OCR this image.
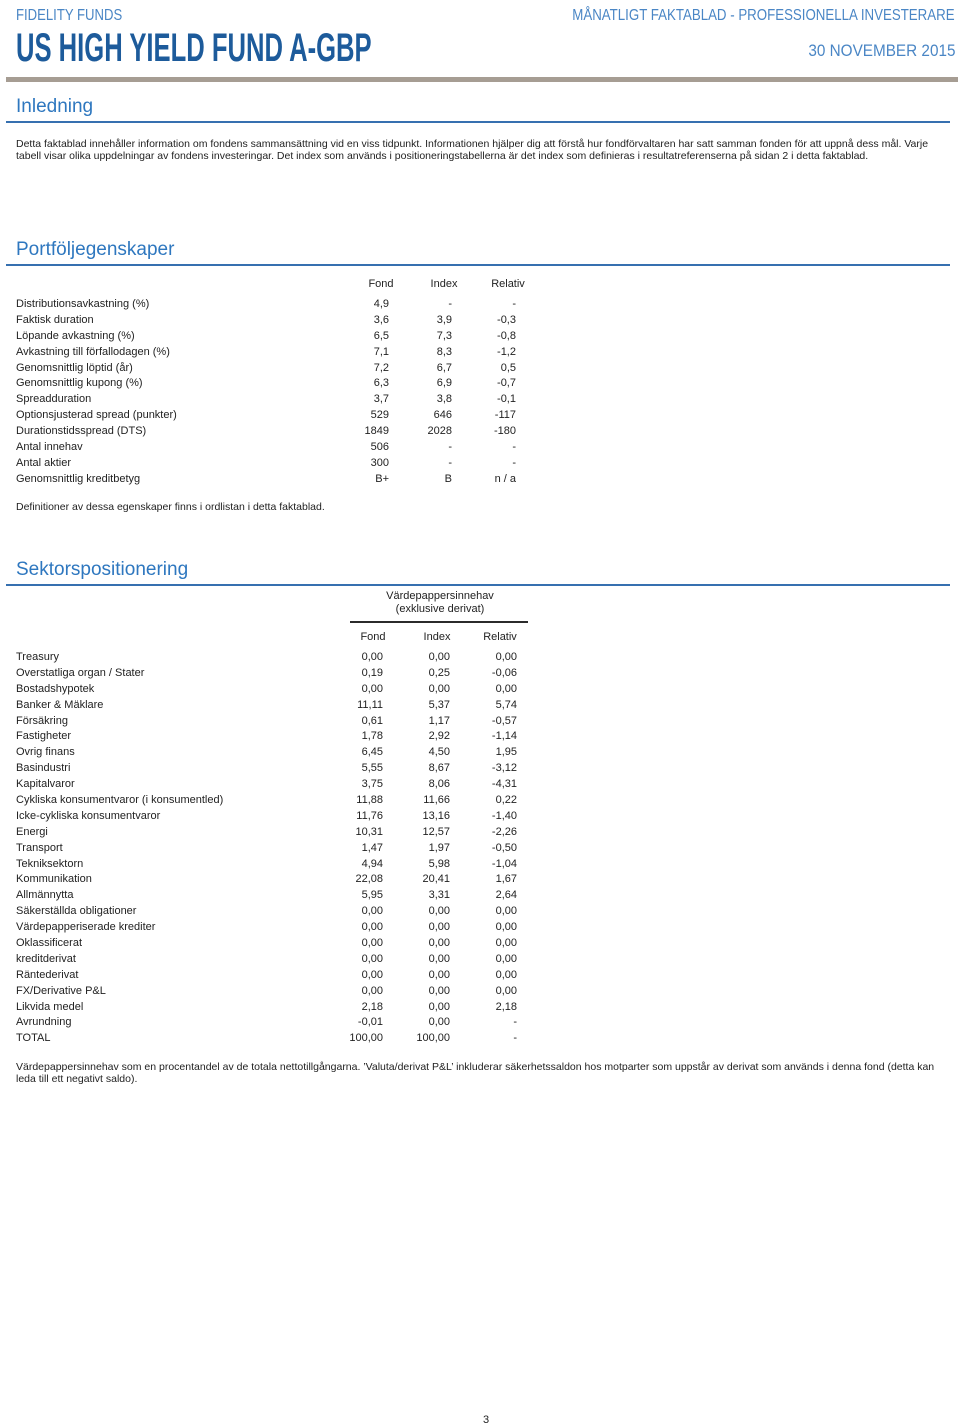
FIDELITY FUNDS
US HIGH YIELD FUND A-GBP
MÅNATLIGT FAKTABLAD - PROFESSIONELLA INVESTERARE
30 NOVEMBER 2015
Inledning

Detta faktablad innehåller information om fondens sammansättning vid en viss tidpunkt. Informationen hjälper dig att förstå hur fondförvaltaren har satt samman fonden för att uppnå dess mål. Varje tabell visar olika uppdelningar av fondens investeringar. Det index som används i positioneringstabellerna är det index som definieras i resultatreferenserna på sidan 2 i detta faktablad.

Portföljegenskaper
Fond	Index	Relativ
Distributionsavkastning (%)	4,9	-	-
Faktisk duration	3,6	3,9	-0,3
Löpande avkastning (%)	6,5	7,3	-0,8
Avkastning till förfallodagen (%)	7,1	8,3	-1,2
Genomsnittlig löptid (år)	7,2	6,7	0,5
Genomsnittlig kupong (%)	6,3	6,9	-0,7
Spreadduration	3,7	3,8	-0,1
Optionsjusterad spread (punkter)	529	646	-117
Durationstidsspread (DTS)	1849	2028	-180
Antal innehav	506	-	-
Antal aktier	300	-	-
Genomsnittlig kreditbetyg	B+	B	n / a

Definitioner av dessa egenskaper finns i ordlistan i detta faktablad.

Sektorspositionering
Värdepappersinnehav
(exklusive derivat)
Fond	Index	Relativ
Treasury	0,00	0,00	0,00
Overstatliga organ / Stater	0,19	0,25	-0,06
Bostadshypotek	0,00	0,00	0,00
Banker & Mäklare	11,11	5,37	5,74
Försäkring	0,61	1,17	-0,57
Fastigheter	1,78	2,92	-1,14
Ovrig finans	6,45	4,50	1,95
Basindustri	5,55	8,67	-3,12
Kapitalvaror	3,75	8,06	-4,31
Cykliska konsumentvaror (i konsumentled)	11,88	11,66	0,22
Icke-cykliska konsumentvaror	11,76	13,16	-1,40
Energi	10,31	12,57	-2,26
Transport	1,47	1,97	-0,50
Tekniksektorn	4,94	5,98	-1,04
Kommunikation	22,08	20,41	1,67
Allmännytta	5,95	3,31	2,64
Säkerställda obligationer	0,00	0,00	0,00
Värdepapperiserade krediter	0,00	0,00	0,00
Oklassificerat	0,00	0,00	0,00
kreditderivat	0,00	0,00	0,00
Räntederivat	0,00	0,00	0,00
FX/Derivative P&L	0,00	0,00	0,00
Likvida medel	2,18	0,00	2,18
Avrundning	-0,01	0,00	-
TOTAL	100,00	100,00	-

Värdepappersinnehav som en procentandel av de totala nettotillgångarna. ’Valuta/derivat P&L’ inkluderar säkerhetssaldon hos motparter som uppstår av derivat som används i denna fond (detta kan leda till ett negativt saldo).

3
